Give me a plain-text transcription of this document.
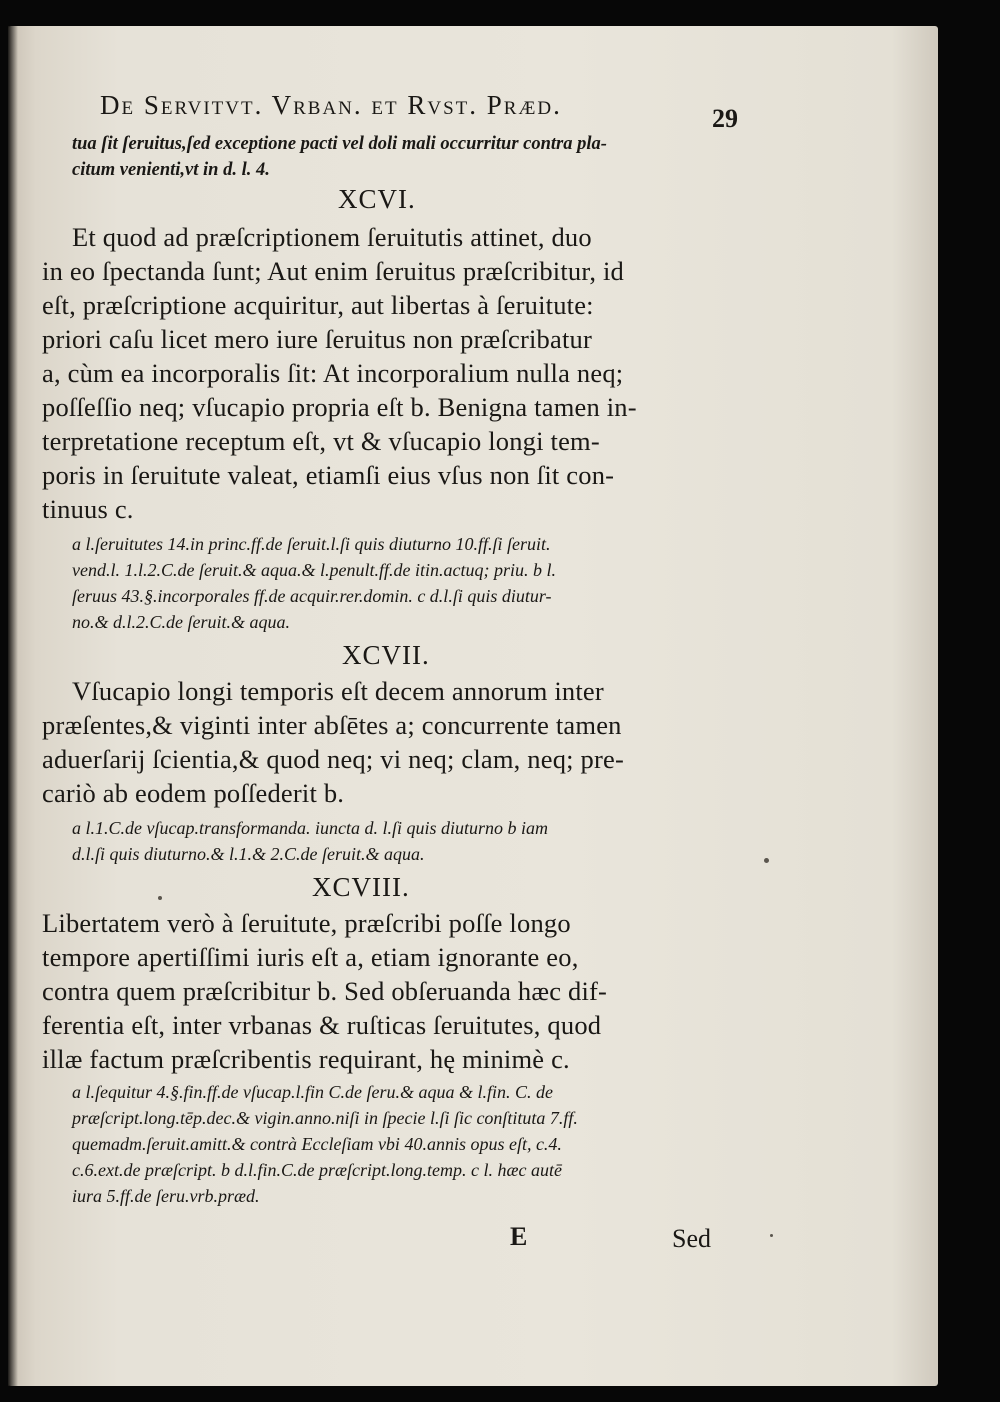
De Servitvt. Vrban. et Rvst. Præd.	29
tua ſit ſeruitus,ſed exceptione pacti vel doli mali occurritur contra pla-
citum venienti,vt in d. l. 4.
XCVI.
Et quod ad præſcriptionem ſeruitutis attinet, duo
in eo ſpectanda ſunt; Aut enim ſeruitus præſcribitur, id
eſt, præſcriptione acquiritur, aut libertas à ſeruitute:
priori caſu licet mero iure ſeruitus non præſcribatur
a, cùm ea incorporalis ſit: At incorporalium nulla neq;
poſſeſſio neq; vſucapio propria eſt b. Benigna tamen in-
terpretatione receptum eſt, vt & vſucapio longi tem-
poris in ſeruitute valeat, etiamſi eius vſus non ſit con-
tinuus c.
a l.ſeruitutes 14.in princ.ff.de ſeruit.l.ſi quis diuturno 10.ff.ſi ſeruit.
vend.l. 1.l.2.C.de ſeruit.& aqua.& l.penult.ff.de itin.actuq; priu. b l.
ſeruus 43.§.incorporales ff.de acquir.rer.domin. c d.l.ſi quis diutur-
no.& d.l.2.C.de ſeruit.& aqua.
XCVII.
Vſucapio longi temporis eſt decem annorum inter
præſentes,& viginti inter abſētes a; concurrente tamen
aduerſarij ſcientia,& quod neq; vi neq; clam, neq; pre-
cariò ab eodem poſſederit b.
a l.1.C.de vſucap.transformanda. iuncta d. l.ſi quis diuturno b iam
d.l.ſi quis diuturno.& l.1.& 2.C.de ſeruit.& aqua.
XCVIII.
Libertatem verò à ſeruitute, præſcribi poſſe longo
tempore apertiſſimi iuris eſt a, etiam ignorante eo,
contra quem præſcribitur b. Sed obſeruanda hæc dif-
ferentia eſt, inter vrbanas & ruſticas ſeruitutes, quod
illæ factum præſcribentis requirant, hę minimè c.
a l.ſequitur 4.§.fin.ff.de vſucap.l.fin C.de ſeru.& aqua & l.fin. C. de
præſcript.long.tēp.dec.& vigin.anno.niſi in ſpecie l.ſi ſic conſtituta 7.ff.
quemadm.ſeruit.amitt.& contrà Eccleſiam vbi 40.annis opus eſt, c.4.
c.6.ext.de præſcript. b d.l.fin.C.de præſcript.long.temp. c l. hæc autē
iura 5.ff.de ſeru.vrb.præd.
E	Sed
